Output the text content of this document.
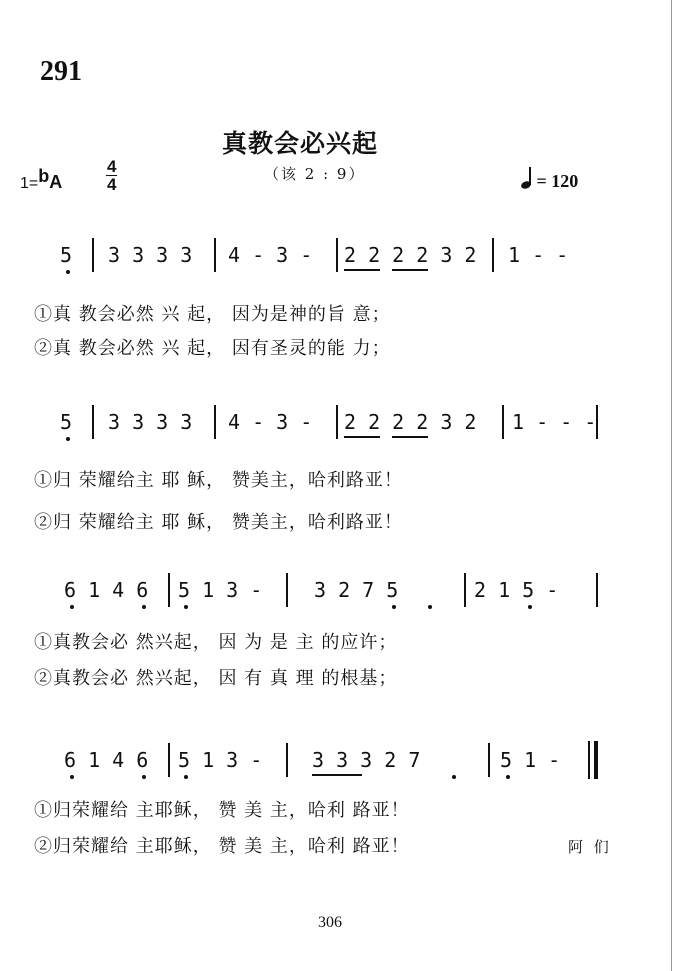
291
真教会必兴起
（该 2 : 9）
1=bA
4
4	= 120
5 3 3 3 3 4 - 3 - 2 2 2 2 3 2 1 - -
①真 教会必然 兴 起， 因为是神的旨 意；
②真 教会必然 兴 起， 因有圣灵的能 力；
5 3 3 3 3 4 - 3 - 2 2 2 2 3 2 1 - - -
①归 荣耀给主 耶 稣， 赞美主，哈利路亚！
②归 荣耀给主 耶 稣， 赞美主，哈利路亚！
6 1 4 6 5 1 3 -	3 2 7 5	2 1 5 -
①真教会必 然兴起， 因 为 是 主 的应许；
②真教会必 然兴起， 因 有 真 理 的根基；
6 1 4 6 5 1 3 - 3 3 3 2 7	5 1 -
①归荣耀给 主耶稣， 赞 美 主，哈利 路亚！
②归荣耀给 主耶稣， 赞 美 主，哈利 路亚！	阿 们
306
